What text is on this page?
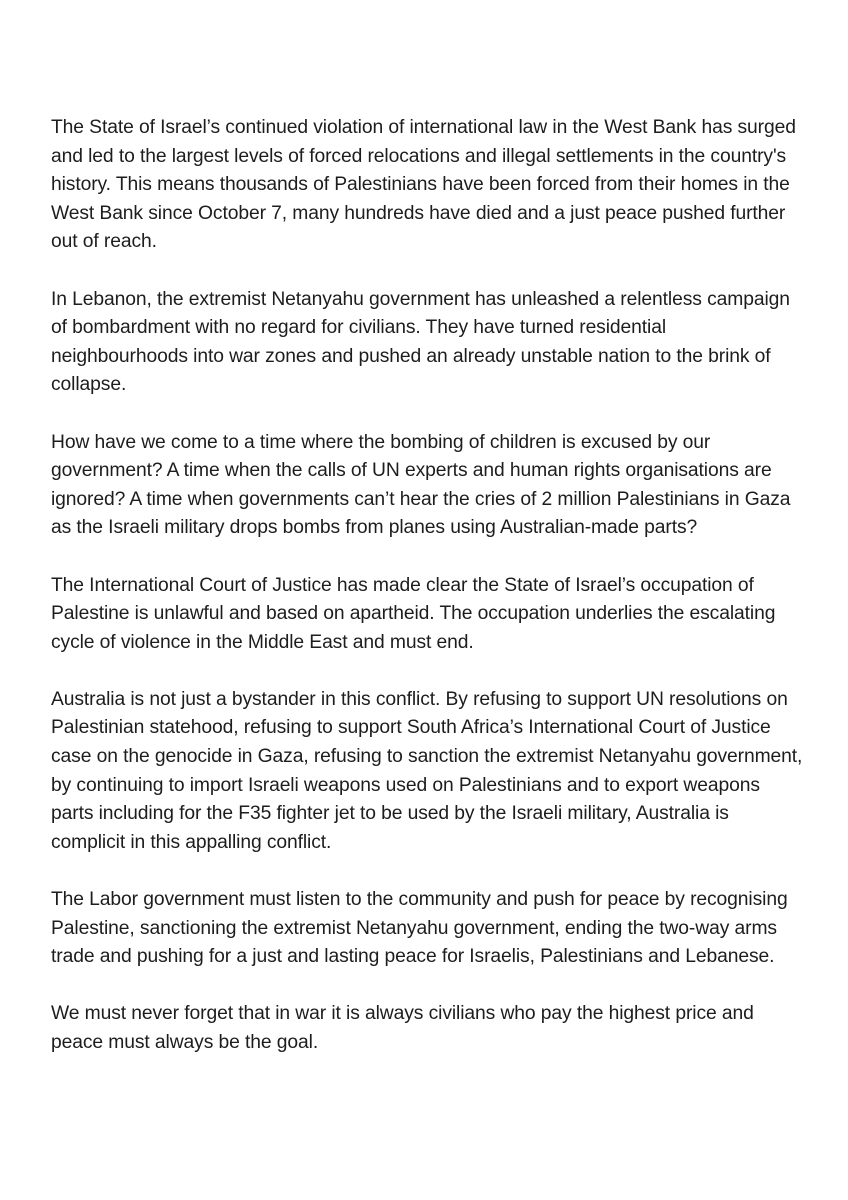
The State of Israel’s continued violation of international law in the West Bank has surged and led to the largest levels of forced relocations and illegal settlements in the country's history. This means thousands of Palestinians have been forced from their homes in the West Bank since October 7, many hundreds have died and a just peace pushed further out of reach.

In Lebanon, the extremist Netanyahu government has unleashed a relentless campaign of bombardment with no regard for civilians. They have turned residential neighbourhoods into war zones and pushed an already unstable nation to the brink of collapse.

How have we come to a time where the bombing of children is excused by our government? A time when the calls of UN experts and human rights organisations are ignored? A time when governments can’t hear the cries of 2 million Palestinians in Gaza as the Israeli military drops bombs from planes using Australian-made parts?

The International Court of Justice has made clear the State of Israel’s occupation of Palestine is unlawful and based on apartheid. The occupation underlies the escalating cycle of violence in the Middle East and must end.

Australia is not just a bystander in this conflict. By refusing to support UN resolutions on Palestinian statehood, refusing to support South Africa’s International Court of Justice case on the genocide in Gaza, refusing to sanction the extremist Netanyahu government, by continuing to import Israeli weapons used on Palestinians and to export weapons parts including for the F35 fighter jet to be used by the Israeli military, Australia is complicit in this appalling conflict.

The Labor government must listen to the community and push for peace by recognising Palestine, sanctioning the extremist Netanyahu government, ending the two-way arms trade and pushing for a just and lasting peace for Israelis, Palestinians and Lebanese.

We must never forget that in war it is always civilians who pay the highest price and peace must always be the goal.
